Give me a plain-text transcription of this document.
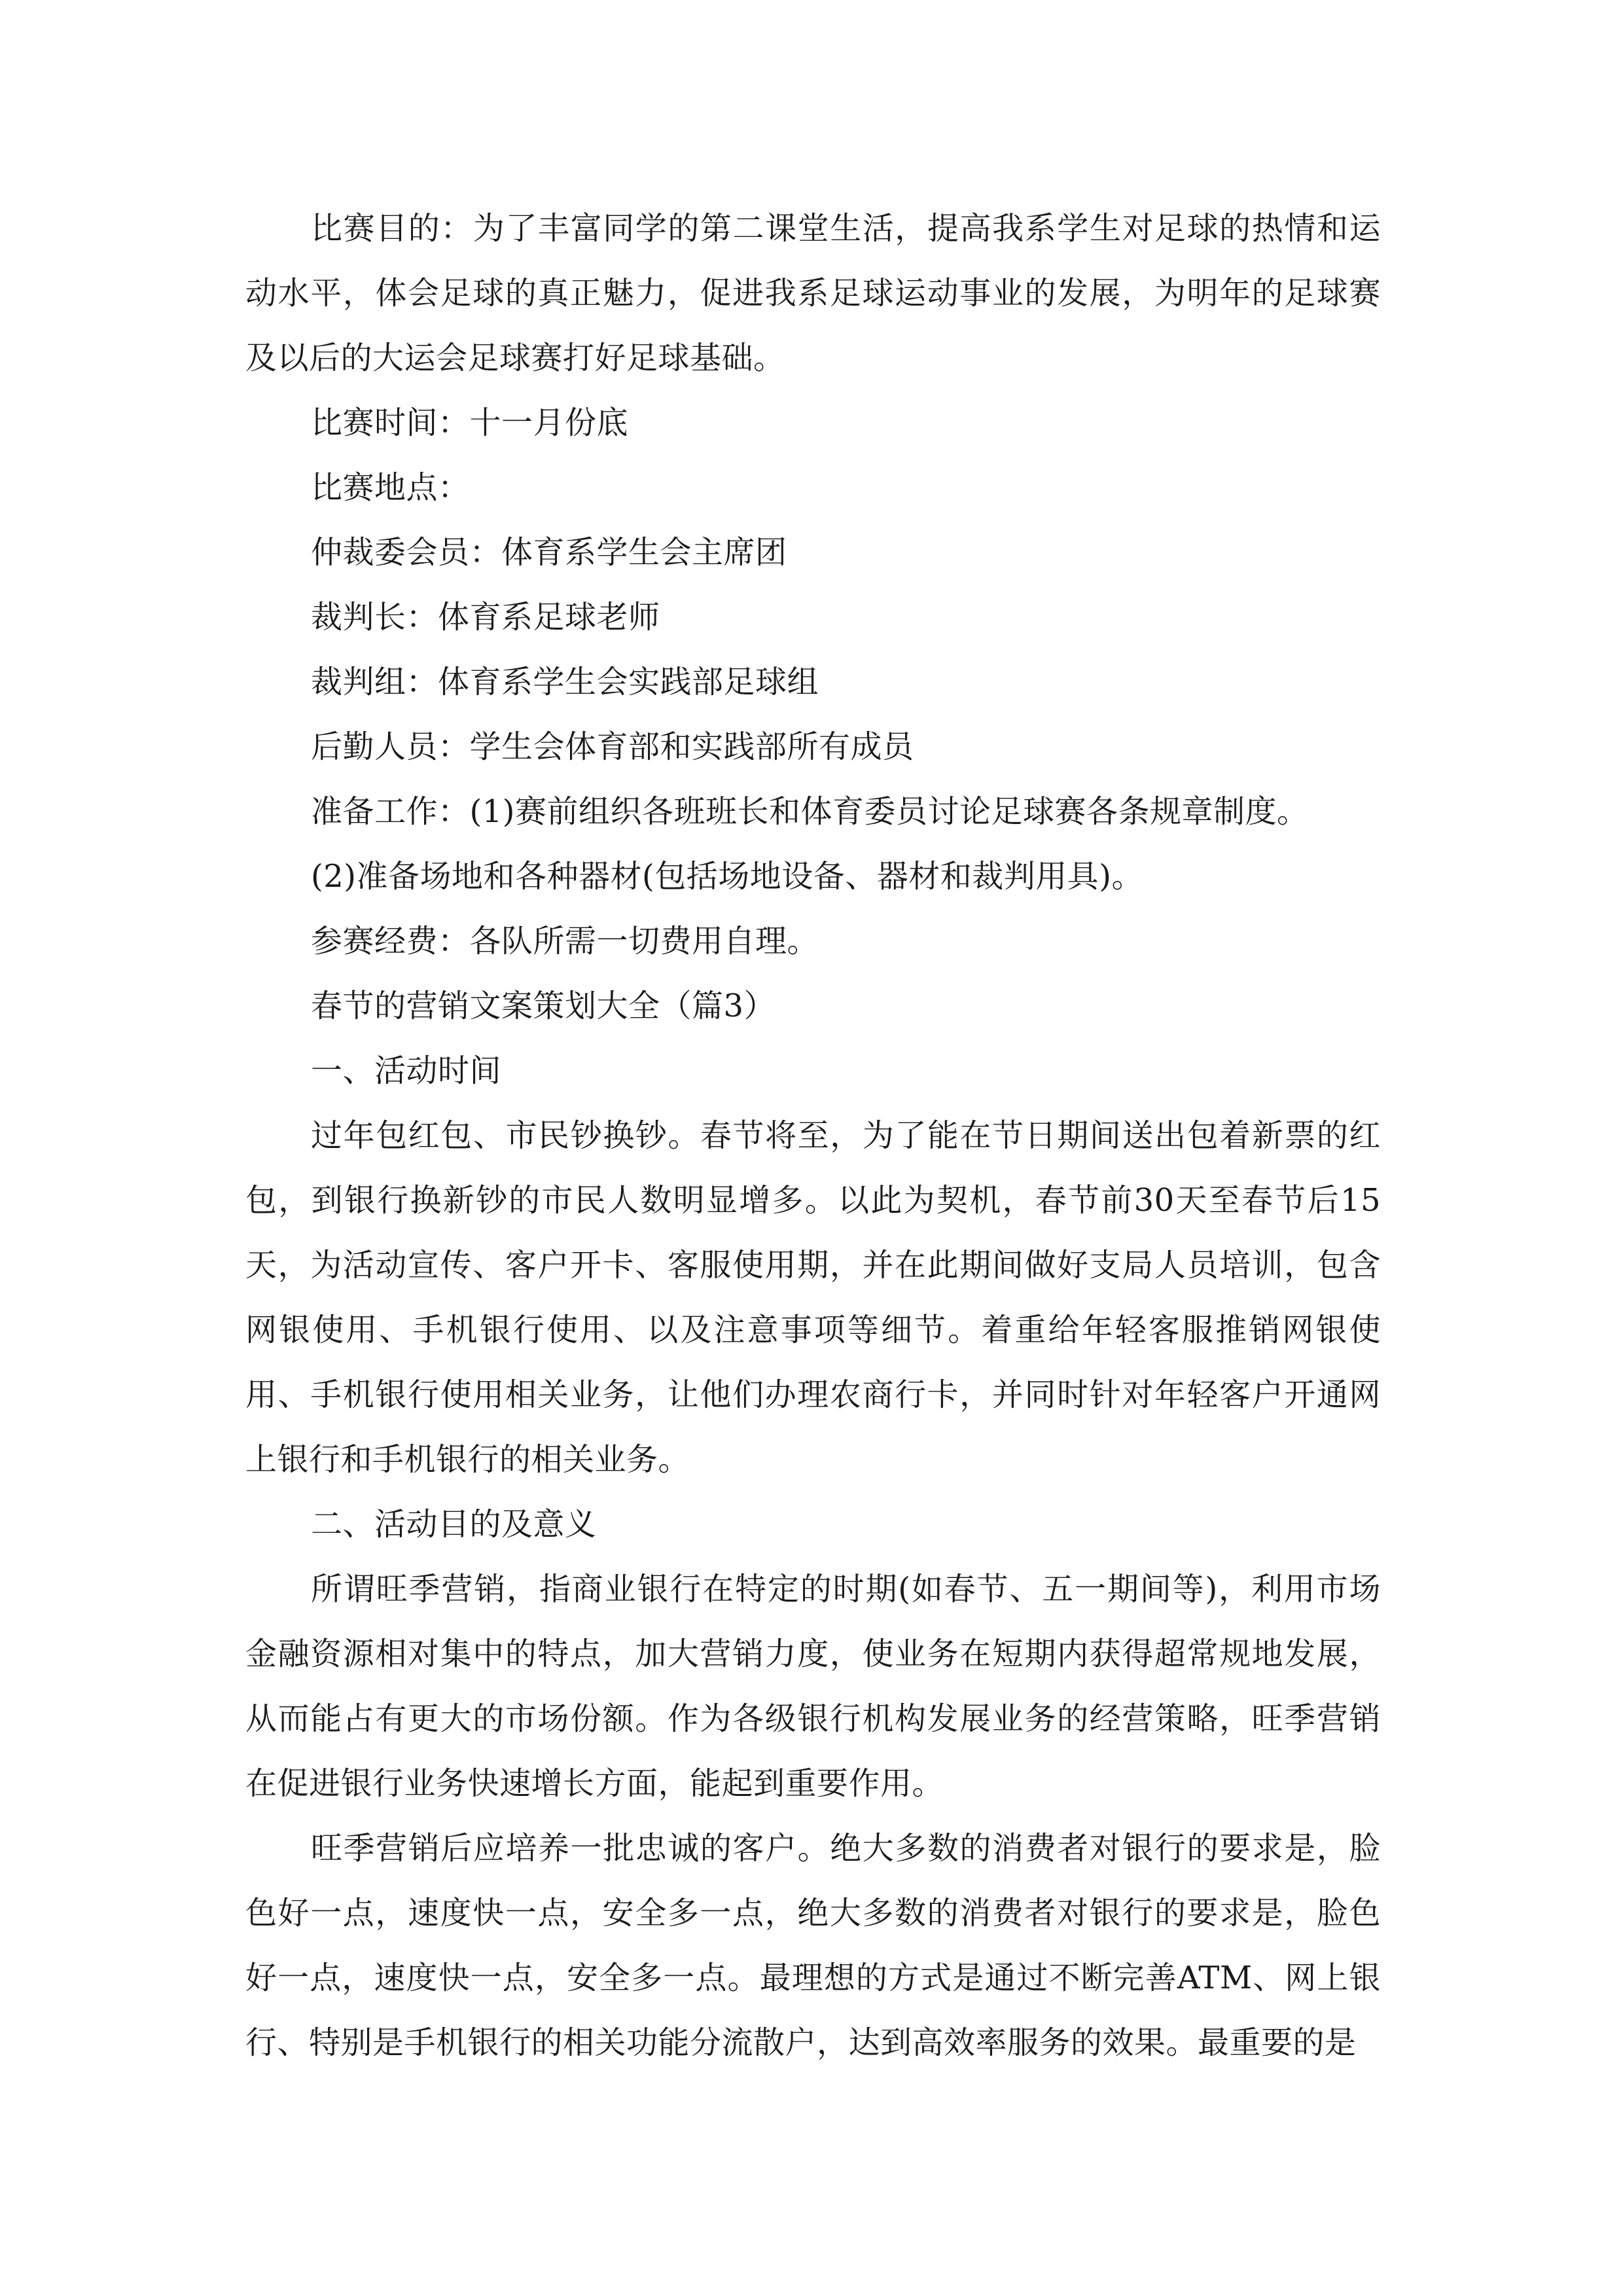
比赛目的：为了丰富同学的第二课堂生活，提高我系学生对足球的热情和运动水平，体会足球的真正魅力，促进我系足球运动事业的发展，为明年的足球赛及以后的大运会足球赛打好足球基础。

比赛时间：十一月份底

比赛地点：

仲裁委会员：体育系学生会主席团

裁判长：体育系足球老师

裁判组：体育系学生会实践部足球组

后勤人员：学生会体育部和实践部所有成员

准备工作：(1)赛前组织各班班长和体育委员讨论足球赛各条规章制度。

(2)准备场地和各种器材(包括场地设备、器材和裁判用具)。

参赛经费：各队所需一切费用自理。

春节的营销文案策划大全（篇3）

一、活动时间

过年包红包、市民钞换钞。春节将至，为了能在节日期间送出包着新票的红包，到银行换新钞的市民人数明显增多。以此为契机，春节前30天至春节后15天，为活动宣传、客户开卡、客服使用期，并在此期间做好支局人员培训，包含网银使用、手机银行使用、以及注意事项等细节。着重给年轻客服推销网银使用、手机银行使用相关业务，让他们办理农商行卡，并同时针对年轻客户开通网上银行和手机银行的相关业务。

二、活动目的及意义

所谓旺季营销，指商业银行在特定的时期(如春节、五一期间等)，利用市场金融资源相对集中的特点，加大营销力度，使业务在短期内获得超常规地发展，从而能占有更大的市场份额。作为各级银行机构发展业务的经营策略，旺季营销在促进银行业务快速增长方面，能起到重要作用。

旺季营销后应培养一批忠诚的客户。绝大多数的消费者对银行的要求是，脸色好一点，速度快一点，安全多一点，绝大多数的消费者对银行的要求是，脸色好一点，速度快一点，安全多一点。最理想的方式是通过不断完善ATM、网上银行、特别是手机银行的相关功能分流散户，达到高效率服务的效果。最重要的是
